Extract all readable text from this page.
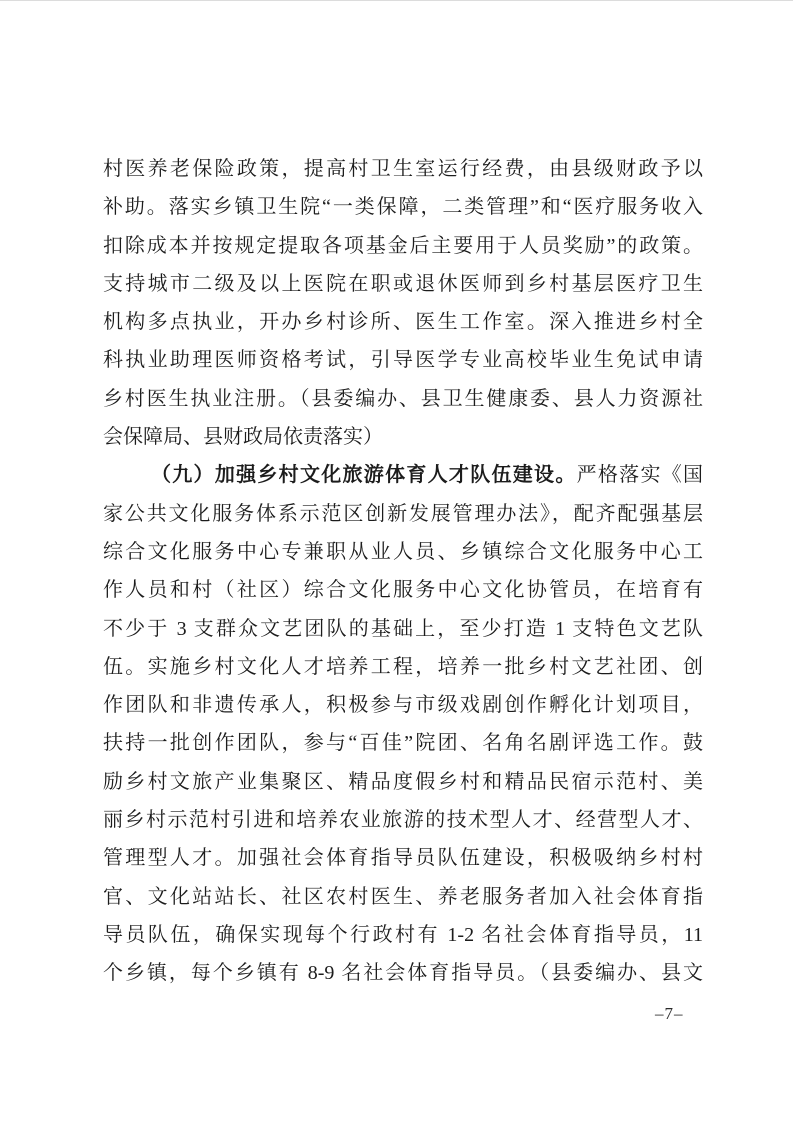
村医养老保险政策，提高村卫生室运行经费，由县级财政予以
补助。落实乡镇卫生院“一类保障，二类管理”和“医疗服务收入
扣除成本并按规定提取各项基金后主要用于人员奖励”的政策。
支持城市二级及以上医院在职或退休医师到乡村基层医疗卫生
机构多点执业，开办乡村诊所、医生工作室。深入推进乡村全
科执业助理医师资格考试，引导医学专业高校毕业生免试申请
乡村医生执业注册。（县委编办、县卫生健康委、县人力资源社
会保障局、县财政局依责落实）
（九）加强乡村文化旅游体育人才队伍建设。严格落实《国
家公共文化服务体系示范区创新发展管理办法》，配齐配强基层
综合文化服务中心专兼职从业人员、乡镇综合文化服务中心工
作人员和村（社区）综合文化服务中心文化协管员，在培育有
不少于 3 支群众文艺团队的基础上，至少打造 1 支特色文艺队
伍。实施乡村文化人才培养工程，培养一批乡村文艺社团、创
作团队和非遗传承人，积极参与市级戏剧创作孵化计划项目，
扶持一批创作团队，参与“百佳”院团、名角名剧评选工作。鼓
励乡村文旅产业集聚区、精品度假乡村和精品民宿示范村、美
丽乡村示范村引进和培养农业旅游的技术型人才、经营型人才、
管理型人才。加强社会体育指导员队伍建设，积极吸纳乡村村
官、文化站站长、社区农村医生、养老服务者加入社会体育指
导员队伍，确保实现每个行政村有 1-2 名社会体育指导员，11
个乡镇，每个乡镇有 8-9 名社会体育指导员。（县委编办、县文
–7–
